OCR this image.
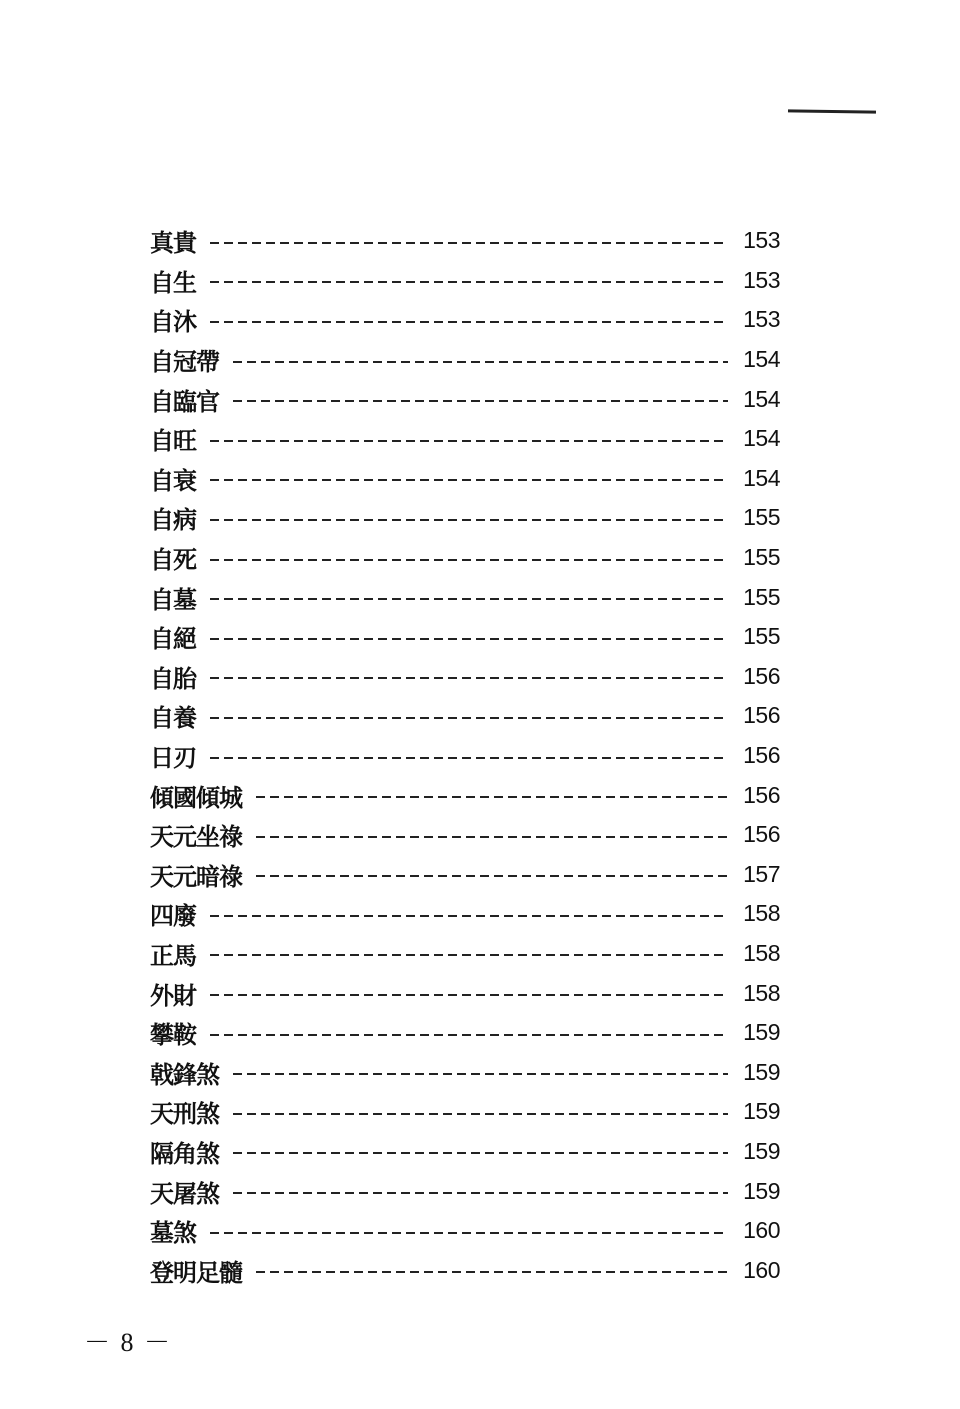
真貴	153
自生	153
自沐	153
自冠帶	154
自臨官	154
自旺	154
自衰	154
自病	155
自死	155
自墓	155
自絕	155
自胎	156
自養	156
日刃	156
傾國傾城	156
天元坐祿	156
天元暗祿	157
四廢	158
正馬	158
外財	158
攀鞍	159
戟鋒煞	159
天刑煞	159
隔角煞	159
天屠煞	159
墓煞	160
登明足髓	160
－ 8 －
